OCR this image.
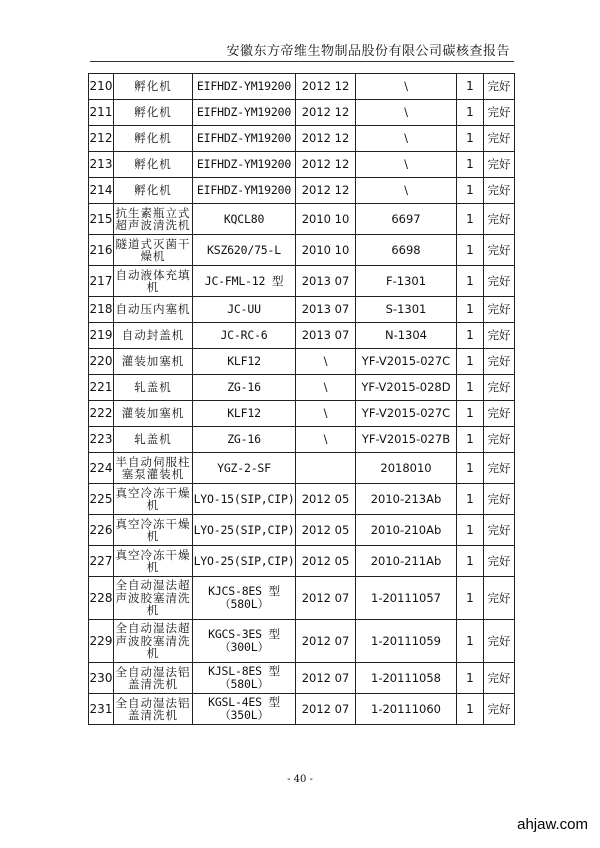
安徽东方帝维生物制品股份有限公司碳核查报告
210	孵化机	EIFHDZ-YM19200	2012 12	\	1	完好
211	孵化机	EIFHDZ-YM19200	2012 12	\	1	完好
212	孵化机	EIFHDZ-YM19200	2012 12	\	1	完好
213	孵化机	EIFHDZ-YM19200	2012 12	\	1	完好
214	孵化机	EIFHDZ-YM19200	2012 12	\	1	完好
215	抗生素瓶立式超声波清洗机	KQCL80	2010 10	6697	1	完好
216	隧道式灭菌干燥机	KSZ620/75-L	2010 10	6698	1	完好
217	自动液体充填机	JC-FML-12 型	2013 07	F-1301	1	完好
218	自动压内塞机	JC-UU	2013 07	S-1301	1	完好
219	自动封盖机	JC-RC-6	2013 07	N-1304	1	完好
220	灌装加塞机	KLF12	\	YF-V2015-027C	1	完好
221	轧盖机	ZG-16	\	YF-V2015-028D	1	完好
222	灌装加塞机	KLF12	\	YF-V2015-027C	1	完好
223	轧盖机	ZG-16	\	YF-V2015-027B	1	完好
224	半自动伺服柱塞泵灌装机	YGZ-2-SF		2018010	1	完好
225	真空冷冻干燥机	LYO-15(SIP,CIP)	2012 05	2010-213Ab	1	完好
226	真空冷冻干燥机	LYO-25(SIP,CIP)	2012 05	2010-210Ab	1	完好
227	真空冷冻干燥机	LYO-25(SIP,CIP)	2012 05	2010-211Ab	1	完好
228	全自动湿法超声波胶塞清洗机	KJCS-8ES 型（580L）	2012 07	1-20111057	1	完好
229	全自动湿法超声波胶塞清洗机	KGCS-3ES 型（300L）	2012 07	1-20111059	1	完好
230	全自动湿法铝盖清洗机	KJSL-8ES 型（580L）	2012 07	1-20111058	1	完好
231	全自动湿法铝盖清洗机	KGSL-4ES 型（350L）	2012 07	1-20111060	1	完好
- 40 -
ahjaw.com
